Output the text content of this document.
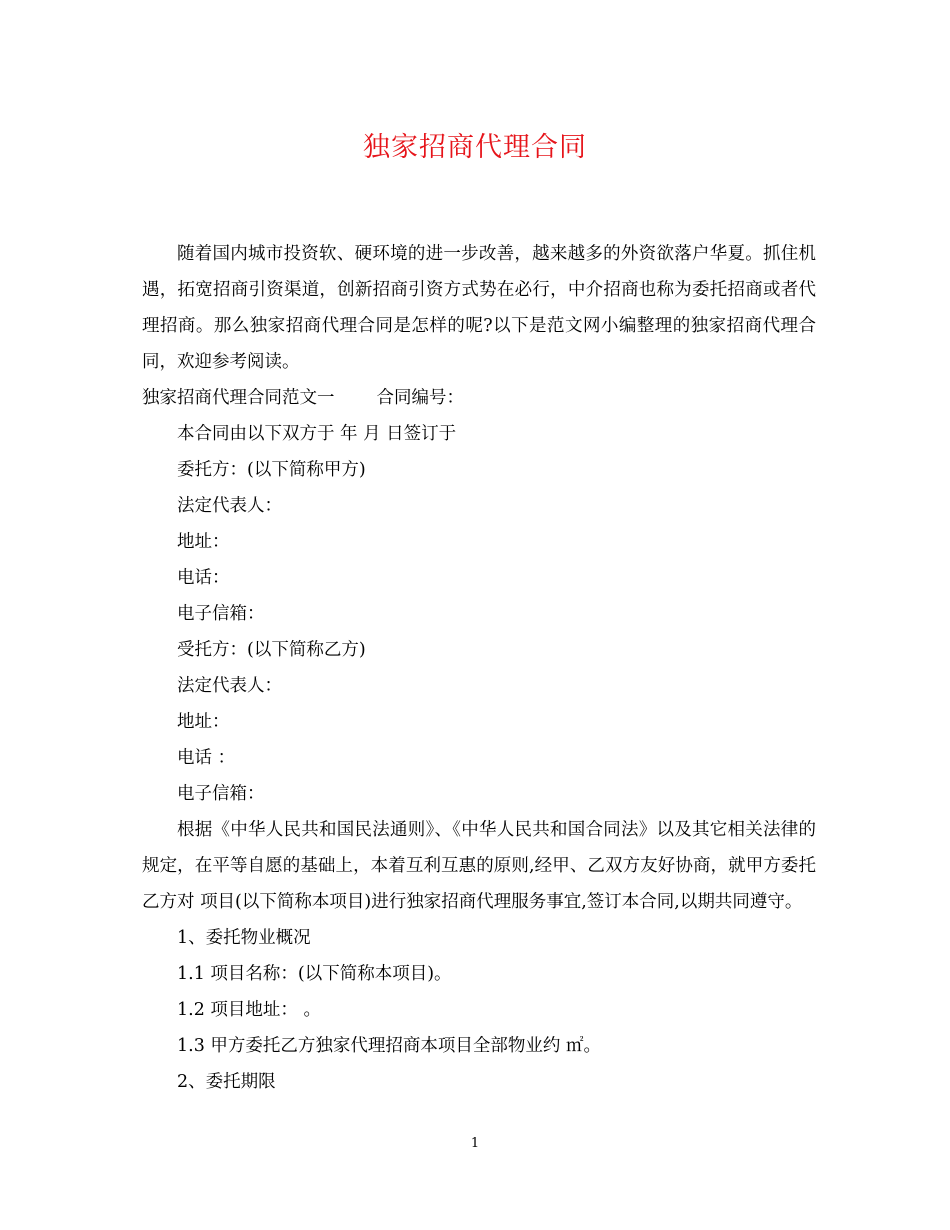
独家招商代理合同

随着国内城市投资软、硬环境的进一步改善，越来越多的外资欲落户华夏。抓住机遇，拓宽招商引资渠道，创新招商引资方式势在必行，中介招商也称为委托招商或者代理招商。那么独家招商代理合同是怎样的呢?以下是范文网小编整理的独家招商代理合同，欢迎参考阅读。

独家招商代理合同范文一 合同编号：

本合同由以下双方于 年 月 日签订于

委托方：(以下简称甲方)

法定代表人：

地址：

电话：

电子信箱：

受托方：(以下简称乙方)

法定代表人：

地址：

电话 ：

电子信箱：

根据《中华人民共和国民法通则》、《中华人民共和国合同法》以及其它相关法律的规定，在平等自愿的基础上，本着互利互惠的原则,经甲、乙双方友好协商，就甲方委托乙方对 项目(以下简称本项目)进行独家招商代理服务事宜,签订本合同,以期共同遵守。

1、委托物业概况

1.1 项目名称：(以下简称本项目)。

1.2 项目地址： 。

1.3 甲方委托乙方独家代理招商本项目全部物业约 ㎡。

2、委托期限

1
